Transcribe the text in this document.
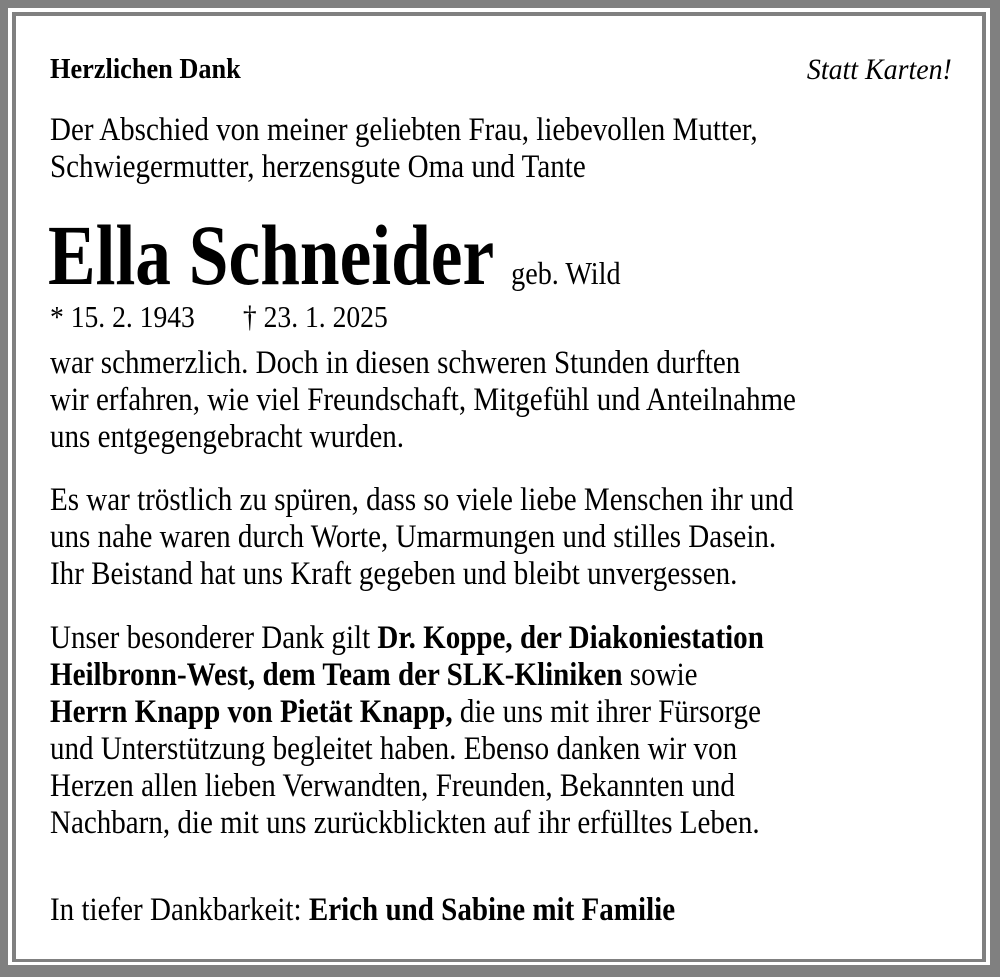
Herzlichen Dank	Statt Karten!
Der Abschied von meiner geliebten Frau, liebevollen Mutter,
Schwiegermutter, herzensgute Oma und Tante
Ella Schneider geb. Wild
* 15. 2. 1943 † 23. 1. 2025
war schmerzlich. Doch in diesen schweren Stunden durften
wir erfahren, wie viel Freundschaft, Mitgefühl und Anteilnahme
uns entgegengebracht wurden.
Es war tröstlich zu spüren, dass so viele liebe Menschen ihr und
uns nahe waren durch Worte, Umarmungen und stilles Dasein.
Ihr Beistand hat uns Kraft gegeben und bleibt unvergessen.
Unser besonderer Dank gilt Dr. Koppe, der Diakoniestation
Heilbronn-West, dem Team der SLK-Kliniken sowie
Herrn Knapp von Pietät Knapp, die uns mit ihrer Fürsorge
und Unterstützung begleitet haben. Ebenso danken wir von
Herzen allen lieben Verwandten, Freunden, Bekannten und
Nachbarn, die mit uns zurückblickten auf ihr erfülltes Leben.
In tiefer Dankbarkeit: Erich und Sabine mit Familie
